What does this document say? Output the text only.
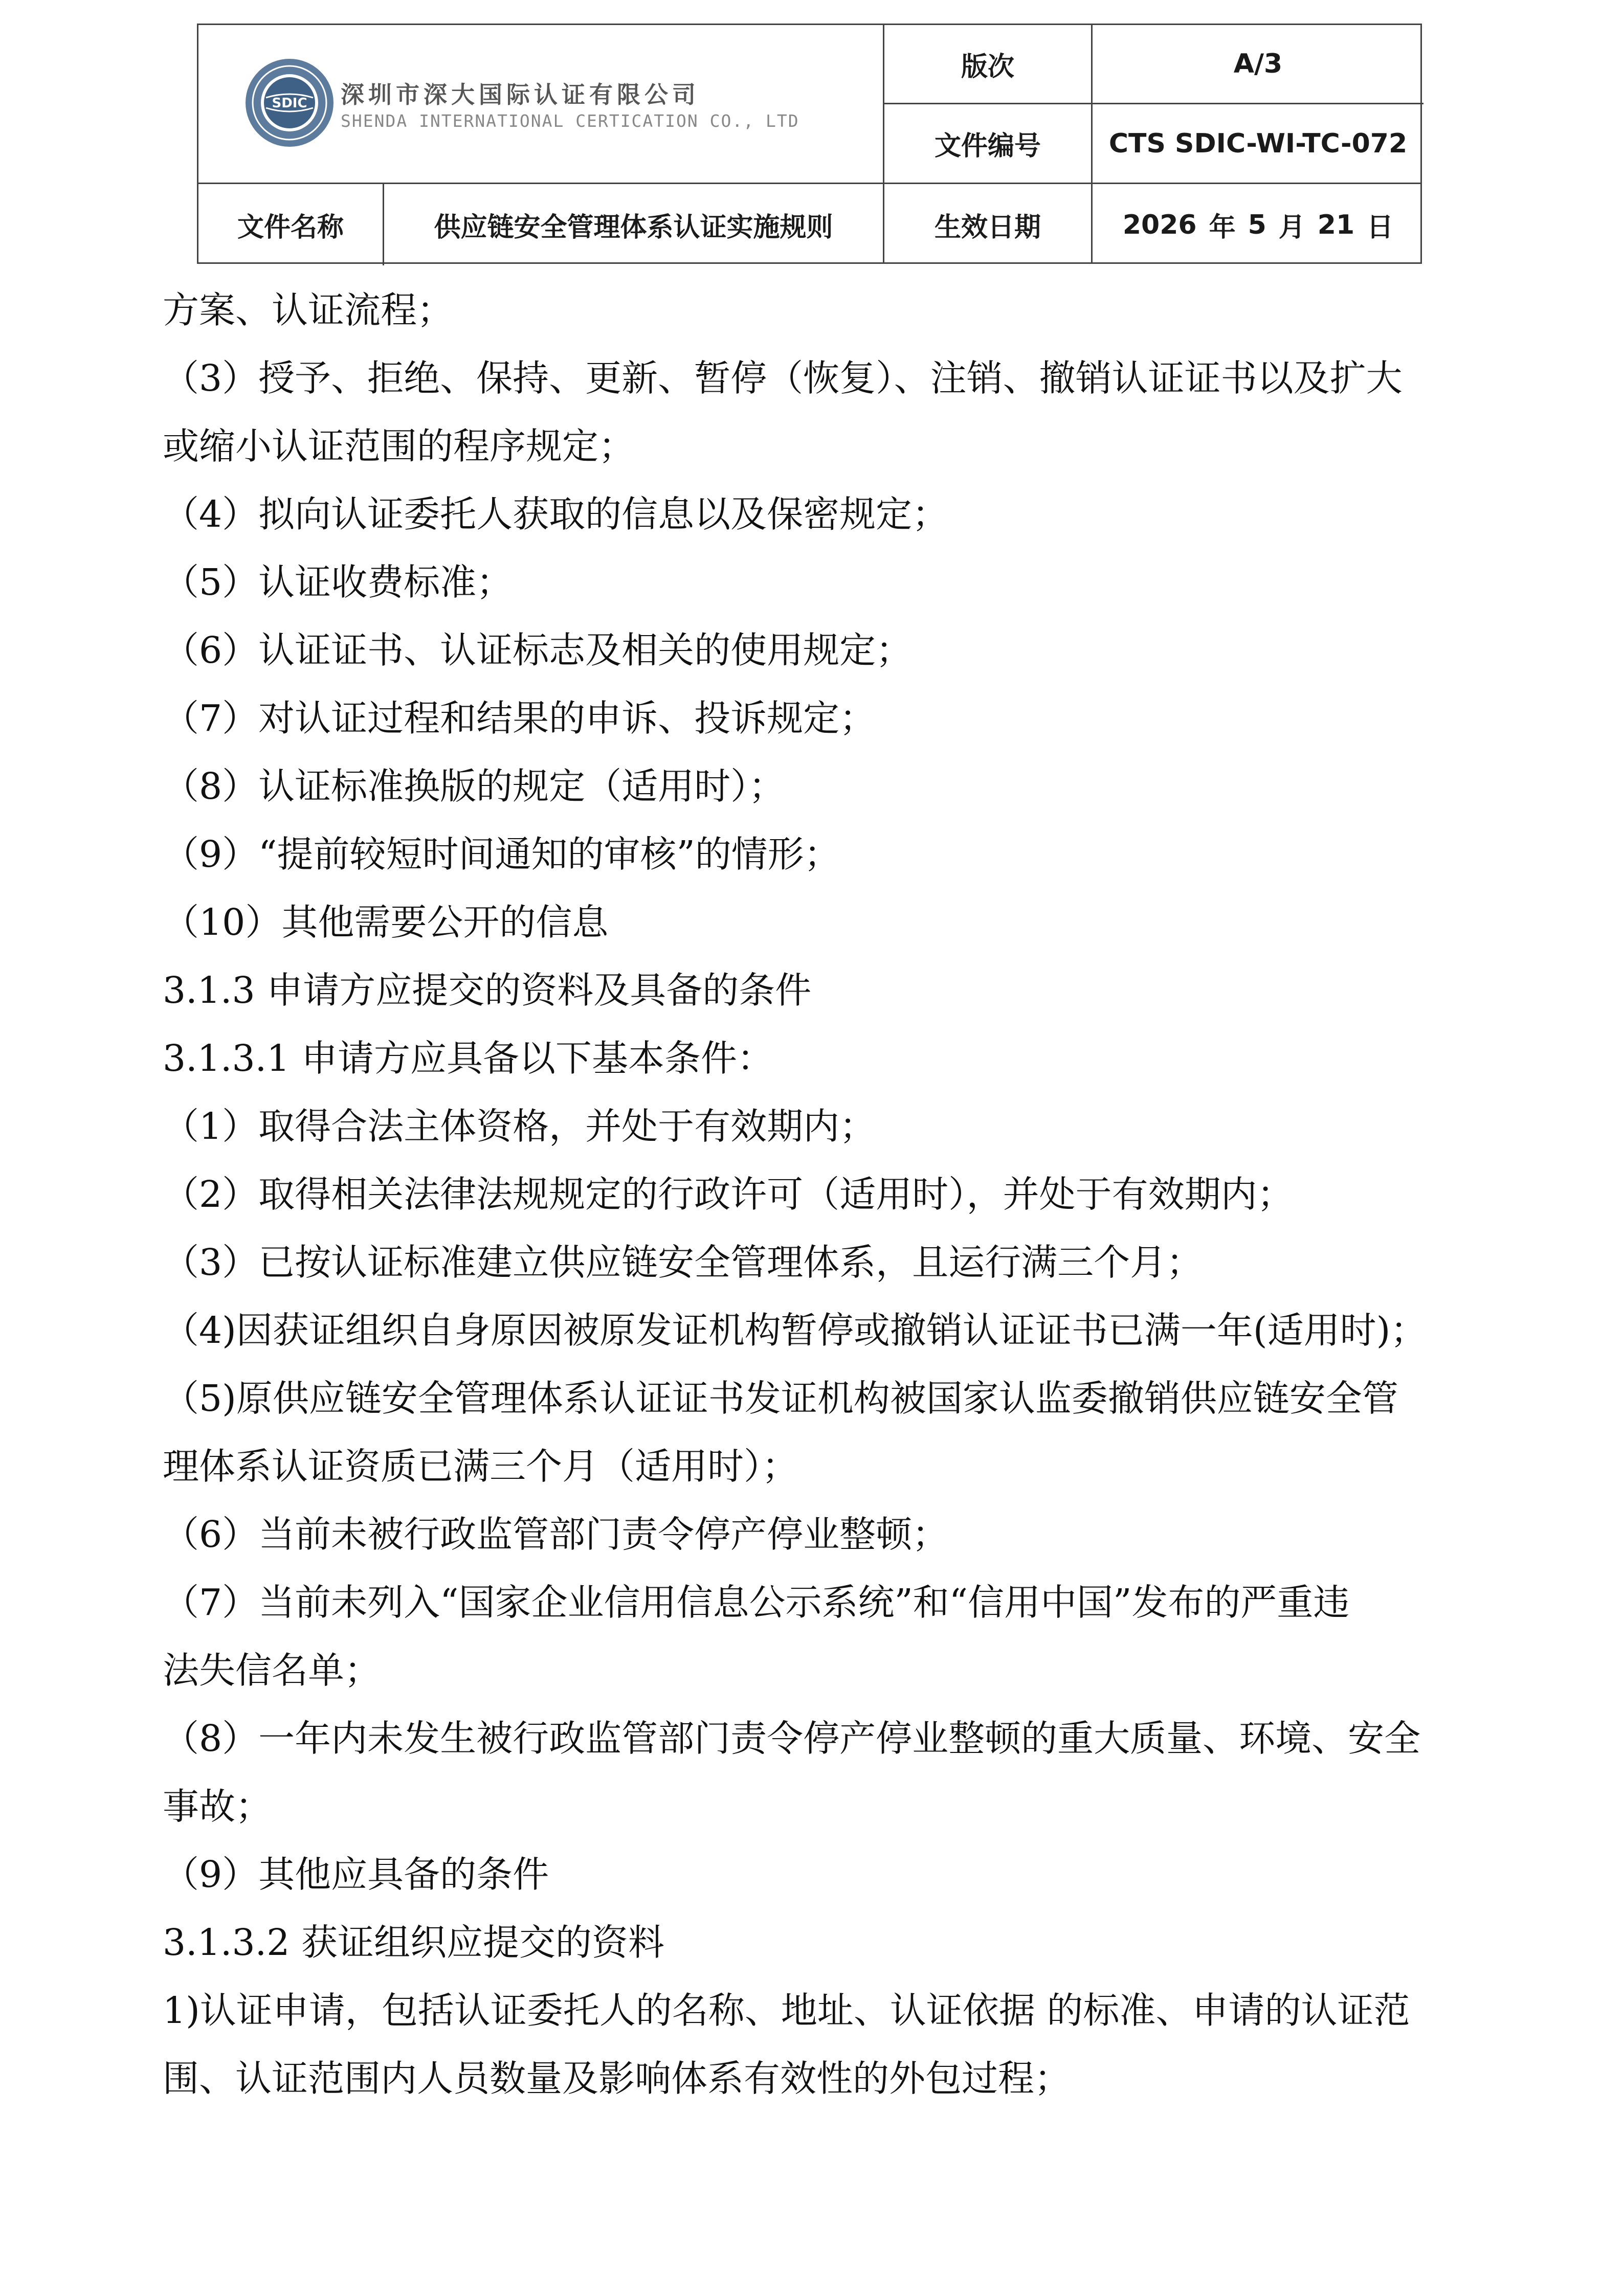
SDIC 深圳市深大国际认证有限公司
SHENDA INTERNATIONAL CERTICATION CO., LTD
版次	A/3
文件编号	CTS SDIC-WI-TC-072
文件名称	供应链安全管理体系认证实施规则	生效日期	2026 年 5 月 21 日
方案、认证流程；
（3）授予、拒绝、保持、更新、暂停（恢复）、注销、撤销认证证书以及扩大
或缩小认证范围的程序规定；
（4）拟向认证委托人获取的信息以及保密规定；
（5）认证收费标准；
（6）认证证书、认证标志及相关的使用规定；
（7）对认证过程和结果的申诉、投诉规定；
（8）认证标准换版的规定（适用时）；
（9）“提前较短时间通知的审核”的情形；
（10）其他需要公开的信息
3.1.3 申请方应提交的资料及具备的条件
3.1.3.1 申请方应具备以下基本条件：
（1）取得合法主体资格，并处于有效期内；
（2）取得相关法律法规规定的行政许可（适用时），并处于有效期内；
（3）已按认证标准建立供应链安全管理体系，且运行满三个月；
（4)因获证组织自身原因被原发证机构暂停或撤销认证证书已满一年(适用时)；
（5)原供应链安全管理体系认证证书发证机构被国家认监委撤销供应链安全管
理体系认证资质已满三个月（适用时）；
（6）当前未被行政监管部门责令停产停业整顿；
（7）当前未列入“国家企业信用信息公示系统”和“信用中国”发布的严重违
法失信名单；
（8）一年内未发生被行政监管部门责令停产停业整顿的重大质量、环境、安全
事故；
（9）其他应具备的条件
3.1.3.2 获证组织应提交的资料
1)认证申请，包括认证委托人的名称、地址、认证依据 的标准、申请的认证范
围、认证范围内人员数量及影响体系有效性的外包过程；
